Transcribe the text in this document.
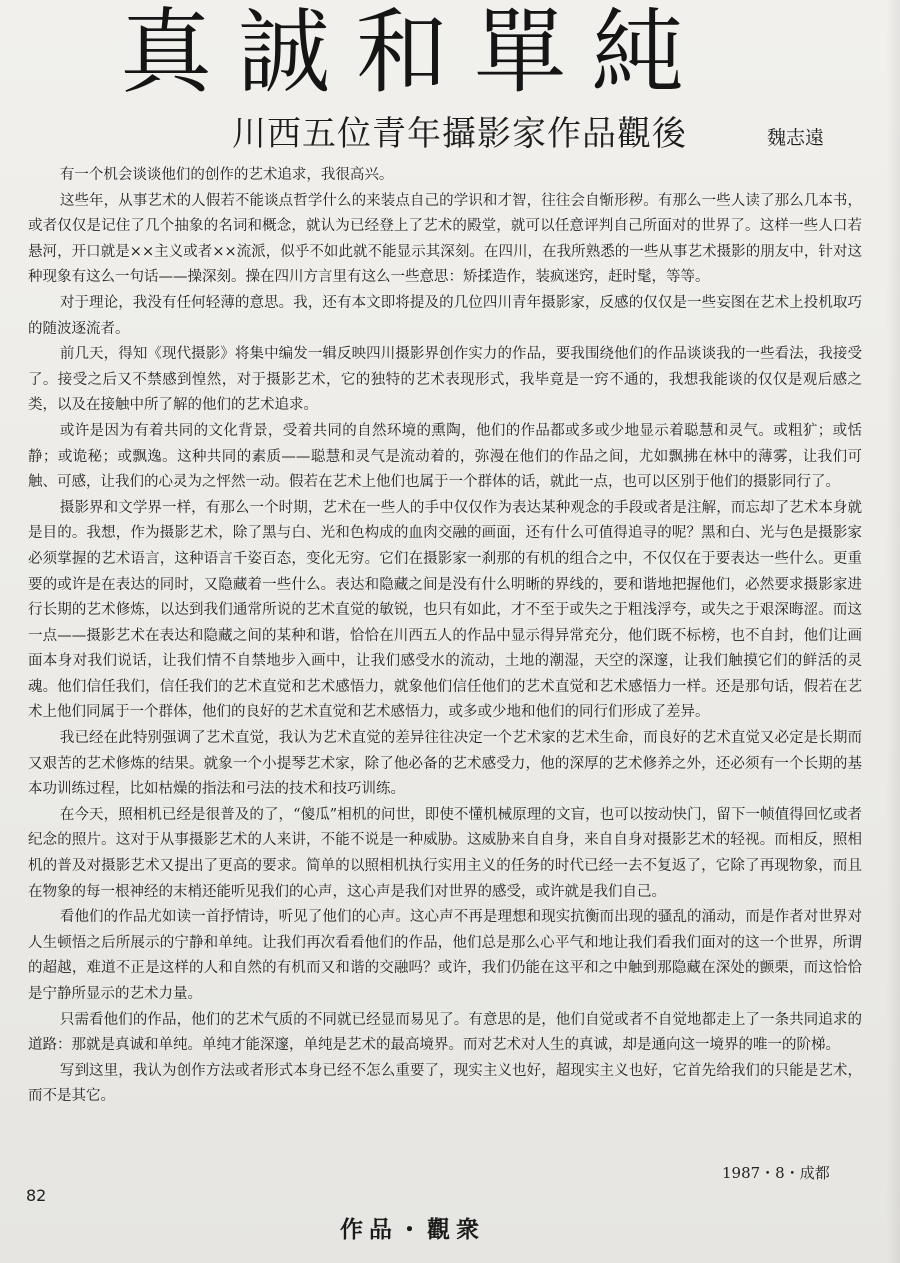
真誠和單純
川西五位青年攝影家作品觀後	魏志遠

有一个机会谈谈他们的创作的艺术追求，我很高兴。

这些年，从事艺术的人假若不能谈点哲学什么的来装点自己的学识和才智，往往会自惭形秽。有那么一些人读了那么几本书，或者仅仅是记住了几个抽象的名词和概念，就认为已经登上了艺术的殿堂，就可以任意评判自己所面对的世界了。这样一些人口若悬河，开口就是××主义或者××流派，似乎不如此就不能显示其深刻。在四川，在我所熟悉的一些从事艺术摄影的朋友中，针对这种现象有这么一句话——操深刻。操在四川方言里有这么一些意思：矫揉造作，装疯迷窍，赶时髦，等等。

对于理论，我没有任何轻薄的意思。我，还有本文即将提及的几位四川青年摄影家，反感的仅仅是一些妄图在艺术上投机取巧的随波逐流者。

前几天，得知《现代摄影》将集中编发一辑反映四川摄影界创作实力的作品，要我围绕他们的作品谈谈我的一些看法，我接受了。接受之后又不禁感到惶然，对于摄影艺术，它的独特的艺术表现形式，我毕竟是一窍不通的，我想我能谈的仅仅是观后感之类，以及在接触中所了解的他们的艺术追求。

或许是因为有着共同的文化背景，受着共同的自然环境的熏陶，他们的作品都或多或少地显示着聪慧和灵气。或粗犷；或恬静；或诡秘；或飘逸。这种共同的素质——聪慧和灵气是流动着的，弥漫在他们的作品之间，尤如飘拂在林中的薄雾，让我们可触、可感，让我们的心灵为之怦然一动。假若在艺术上他们也属于一个群体的话，就此一点，也可以区别于他们的摄影同行了。

摄影界和文学界一样，有那么一个时期，艺术在一些人的手中仅仅作为表达某种观念的手段或者是注解，而忘却了艺术本身就是目的。我想，作为摄影艺术，除了黑与白、光和色构成的血肉交融的画面，还有什么可值得追寻的呢？黑和白、光与色是摄影家必须掌握的艺术语言，这种语言千姿百态，变化无穷。它们在摄影家一刹那的有机的组合之中，不仅仅在于要表达一些什么。更重要的或许是在表达的同时，又隐藏着一些什么。表达和隐藏之间是没有什么明晰的界线的，要和谐地把握他们，必然要求摄影家进行长期的艺术修炼，以达到我们通常所说的艺术直觉的敏锐，也只有如此，才不至于或失之于粗浅浮夸，或失之于艰深晦涩。而这一点——摄影艺术在表达和隐藏之间的某种和谐，恰恰在川西五人的作品中显示得异常充分，他们既不标榜，也不自封，他们让画面本身对我们说话，让我们情不自禁地步入画中，让我们感受水的流动，土地的潮湿，天空的深邃，让我们触摸它们的鲜活的灵魂。他们信任我们，信任我们的艺术直觉和艺术感悟力，就象他们信任他们的艺术直觉和艺术感悟力一样。还是那句话，假若在艺术上他们同属于一个群体，他们的良好的艺术直觉和艺术感悟力，或多或少地和他们的同行们形成了差异。

我已经在此特别强调了艺术直觉，我认为艺术直觉的差异往往决定一个艺术家的艺术生命，而良好的艺术直觉又必定是长期而又艰苦的艺术修炼的结果。就象一个小提琴艺术家，除了他必备的艺术感受力，他的深厚的艺术修养之外，还必须有一个长期的基本功训练过程，比如枯燥的指法和弓法的技术和技巧训练。

在今天，照相机已经是很普及的了，“傻瓜”相机的问世，即使不懂机械原理的文盲，也可以按动快门，留下一帧值得回忆或者纪念的照片。这对于从事摄影艺术的人来讲，不能不说是一种威胁。这威胁来自自身，来自自身对摄影艺术的轻视。而相反，照相机的普及对摄影艺术又提出了更高的要求。简单的以照相机执行实用主义的任务的时代已经一去不复返了，它除了再现物象，而且在物象的每一根神经的末梢还能听见我们的心声，这心声是我们对世界的感受，或许就是我们自己。

看他们的作品尤如读一首抒情诗，听见了他们的心声。这心声不再是理想和现实抗衡而出现的骚乱的涌动，而是作者对世界对人生顿悟之后所展示的宁静和单纯。让我们再次看看他们的作品，他们总是那么心平气和地让我们看我们面对的这一个世界，所谓的超越，难道不正是这样的人和自然的有机而又和谐的交融吗？或许，我们仍能在这平和之中触到那隐藏在深处的颤栗，而这恰恰是宁静所显示的艺术力量。

只需看他们的作品，他们的艺术气质的不同就已经显而易见了。有意思的是，他们自觉或者不自觉地都走上了一条共同追求的道路：那就是真诚和单纯。单纯才能深邃，单纯是艺术的最高境界。而对艺术对人生的真诚，却是通向这一境界的唯一的阶梯。

写到这里，我认为创作方法或者形式本身已经不怎么重要了，现实主义也好，超现实主义也好，它首先给我们的只能是艺术，而不是其它。

1987・8・成都
82
作品・觀衆
